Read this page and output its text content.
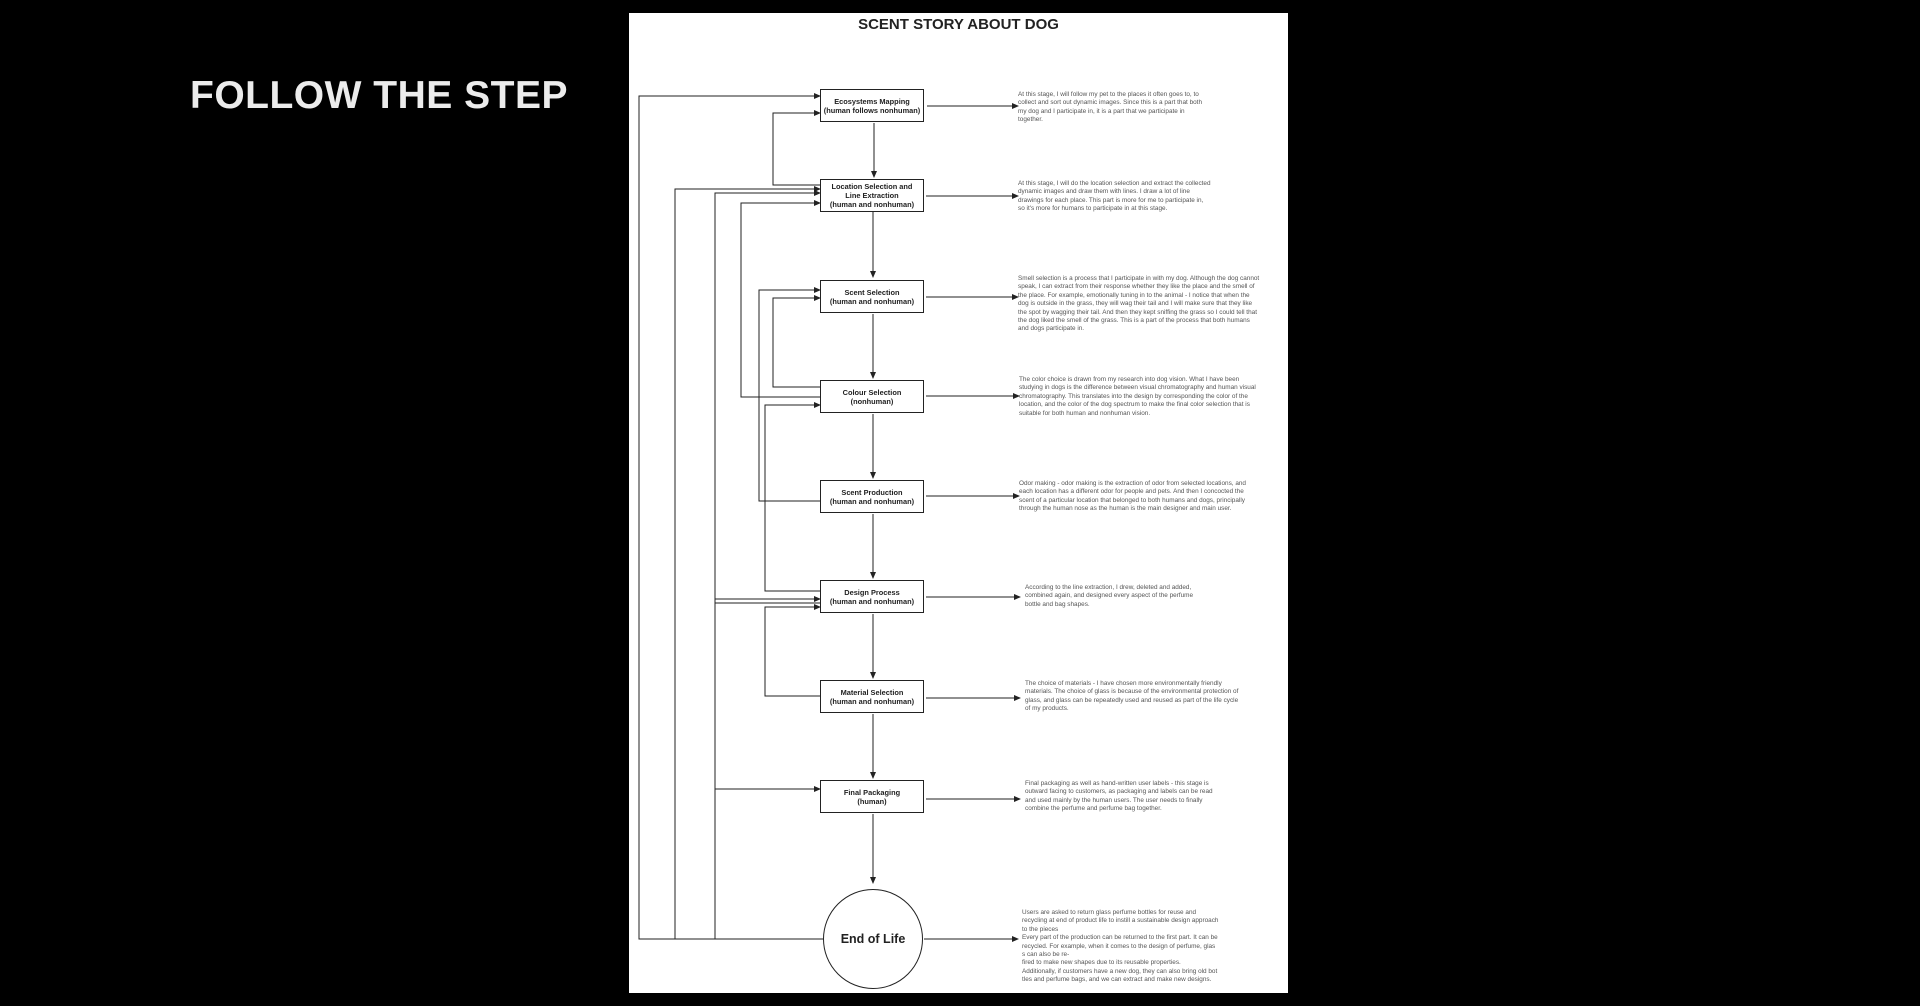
FOLLOW THE STEP
SCENT STORY ABOUT DOG
Ecosystems Mapping
(human follows nonhuman)
Location Selection and
Line Extraction
(human and nonhuman)
Scent Selection
(human and nonhuman)
Colour Selection
(nonhuman)
Scent Production
(human and nonhuman)
Design Process
(human and nonhuman)
Material Selection
(human and nonhuman)
Final Packaging
(human)
End of Life

At this stage, I will follow my pet to the places it often goes to, to

collect and sort out dynamic images. Since this is a part that both

my dog and I participate in, it is a part that we participate in

together.

At this stage, I will do the location selection and extract the collected

dynamic images and draw them with lines. I draw a lot of line

drawings for each place. This part is more for me to participate in,

so it's more for humans to participate in at this stage.

Smell selection is a process that I participate in with my dog. Although the dog cannot

speak, I can extract from their response whether they like the place and the smell of

the place. For example, emotionally tuning in to the animal - I notice that when the

dog is outside in the grass, they will wag their tail and I will make sure that they like

the spot by wagging their tail. And then they kept sniffing the grass so I could tell that

the dog liked the smell of the grass. This is a part of the process that both humans

and dogs participate in.

The color choice is drawn from my research into dog vision. What I have been

studying in dogs is the difference between visual chromatography and human visual

chromatography. This translates into the design by corresponding the color of the

location, and the color of the dog spectrum to make the final color selection that is

suitable for both human and nonhuman vision.

Odor making - odor making is the extraction of odor from selected locations, and

each location has a different odor for people and pets. And then I concocted the

scent of a particular location that belonged to both humans and dogs, principally

through the human nose as the human is the main designer and main user.

According to the line extraction, I drew, deleted and added,

combined again, and designed every aspect of the perfume

bottle and bag shapes.

The choice of materials - I have chosen more environmentally friendly

materials. The choice of glass is because of the environmental protection of

glass, and glass can be repeatedly used and reused as part of the life cycle

of my products.

Final packaging as well as hand-written user labels - this stage is

outward facing to customers, as packaging and labels can be read

and used mainly by the human users. The user needs to finally

combine the perfume and perfume bag together.

Users are asked to return glass perfume bottles for reuse and

recycling at end of product life to instill a sustainable design approach

to the pieces

Every part of the production can be returned to the first part. It can be

recycled. For example, when it comes to the design of perfume, glas

s can also be re-

fired to make new shapes due to its reusable properties.

Additionally, if customers have a new dog, they can also bring old bot

tles and perfume bags, and we can extract and make new designs.
